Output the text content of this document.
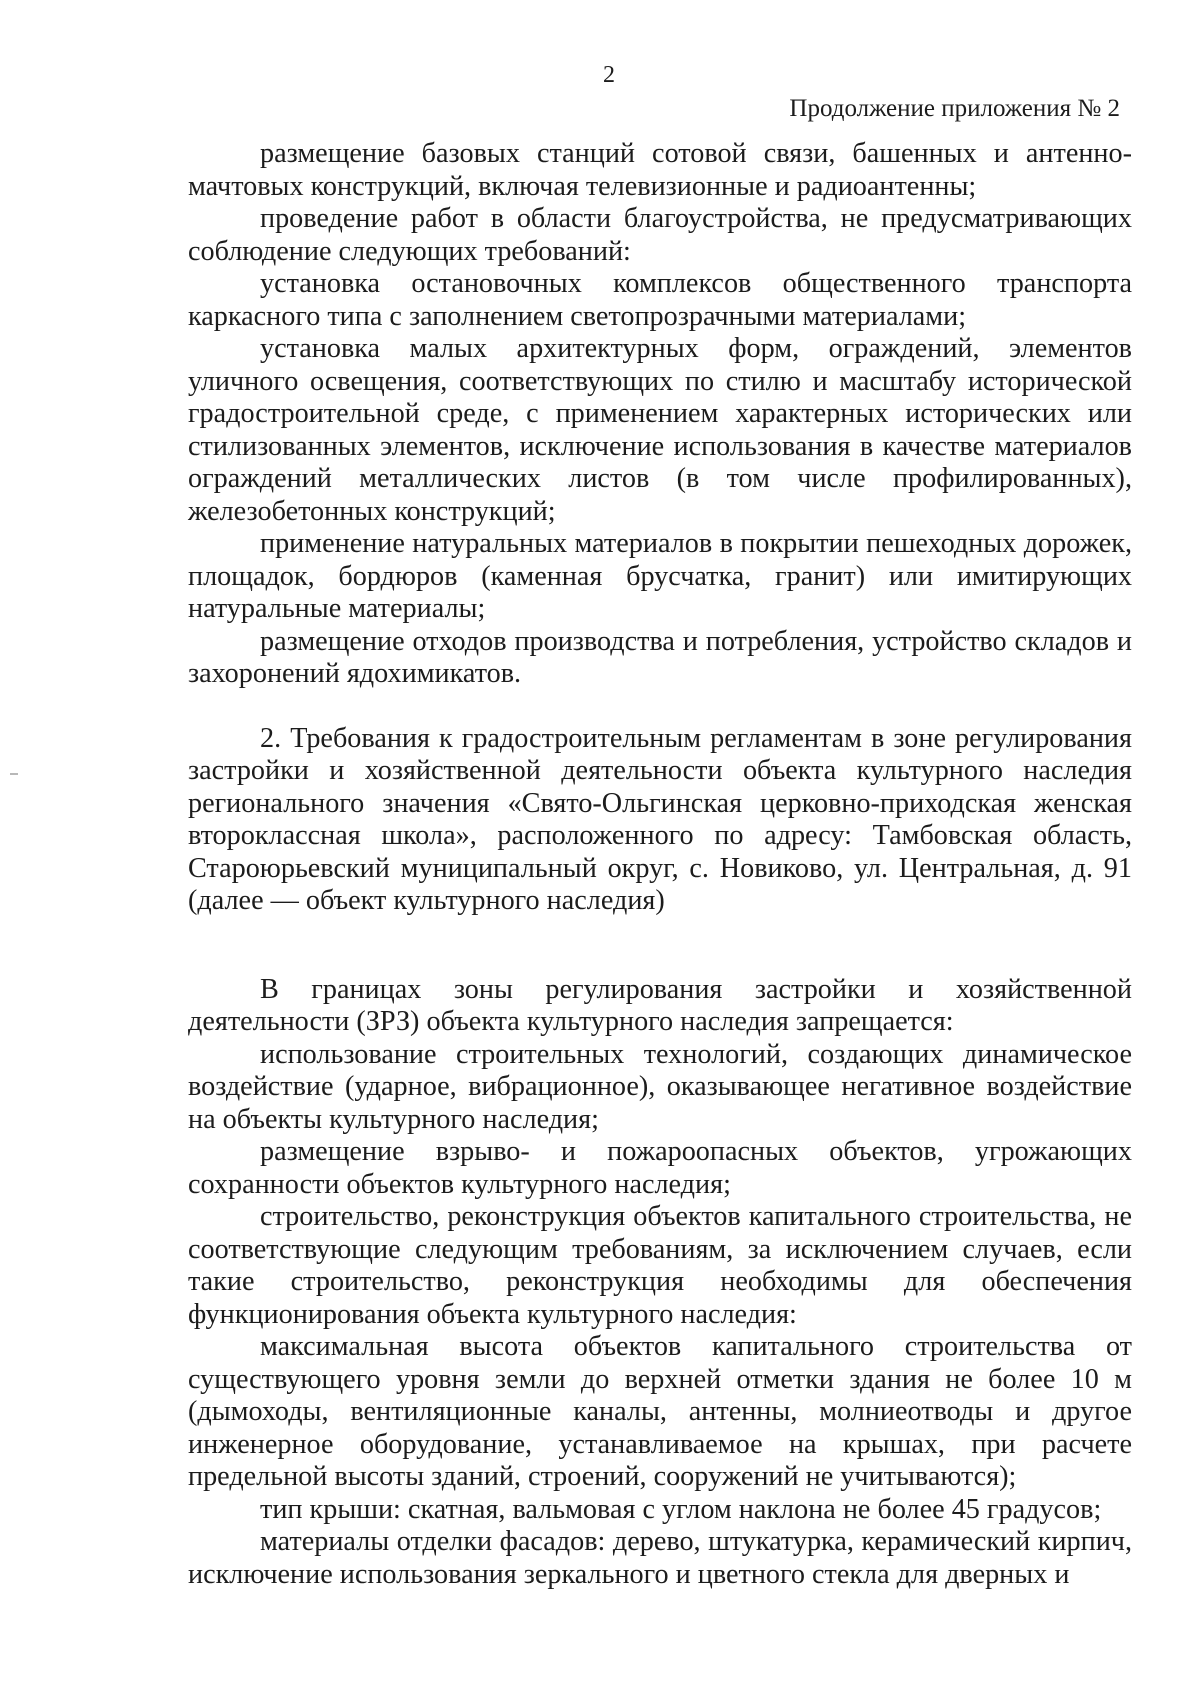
2
Продолжение приложения № 2

размещение базовых станций сотовой связи, башенных и антенно-мачтовых конструкций, включая телевизионные и радиоантенны;

проведение работ в области благоустройства, не предусматривающих соблюдение следующих требований:

установка остановочных комплексов общественного транспорта каркасного типа с заполнением светопрозрачными материалами;

установка малых архитектурных форм, ограждений, элементов уличного освещения, соответствующих по стилю и масштабу исторической градостроительной среде, с применением характерных исторических или стилизованных элементов, исключение использования в качестве материалов ограждений металлических листов (в том числе профилированных), железобетонных конструкций;

применение натуральных материалов в покрытии пешеходных дорожек, площадок, бордюров (каменная брусчатка, гранит) или имитирующих натуральные материалы;

размещение отходов производства и потребления, устройство складов и захоронений ядохимикатов.

2. Требования к градостроительным регламентам в зоне регулирования застройки и хозяйственной деятельности объекта культурного наследия регионального значения «Свято-Ольгинская церковно-приходская женская второклассная школа», расположенного по адресу: Тамбовская область, Староюрьевский муниципальный округ, с. Новиково, ул. Центральная, д. 91 (далее — объект культурного наследия)

В границах зоны регулирования застройки и хозяйственной деятельности (ЗРЗ) объекта культурного наследия запрещается:

использование строительных технологий, создающих динамическое воздействие (ударное, вибрационное), оказывающее негативное воздействие на объекты культурного наследия;

размещение взрыво- и пожароопасных объектов, угрожающих сохранности объектов культурного наследия;

строительство, реконструкция объектов капитального строительства, не соответствующие следующим требованиям, за исключением случаев, если такие строительство, реконструкция необходимы для обеспечения функционирования объекта культурного наследия:

максимальная высота объектов капитального строительства от существующего уровня земли до верхней отметки здания не более 10 м (дымоходы, вентиляционные каналы, антенны, молниеотводы и другое инженерное оборудование, устанавливаемое на крышах, при расчете предельной высоты зданий, строений, сооружений не учитываются);

тип крыши: скатная, вальмовая с углом наклона не более 45 градусов;

материалы отделки фасадов: дерево, штукатурка, керамический кирпич, исключение использования зеркального и цветного стекла для дверных и
